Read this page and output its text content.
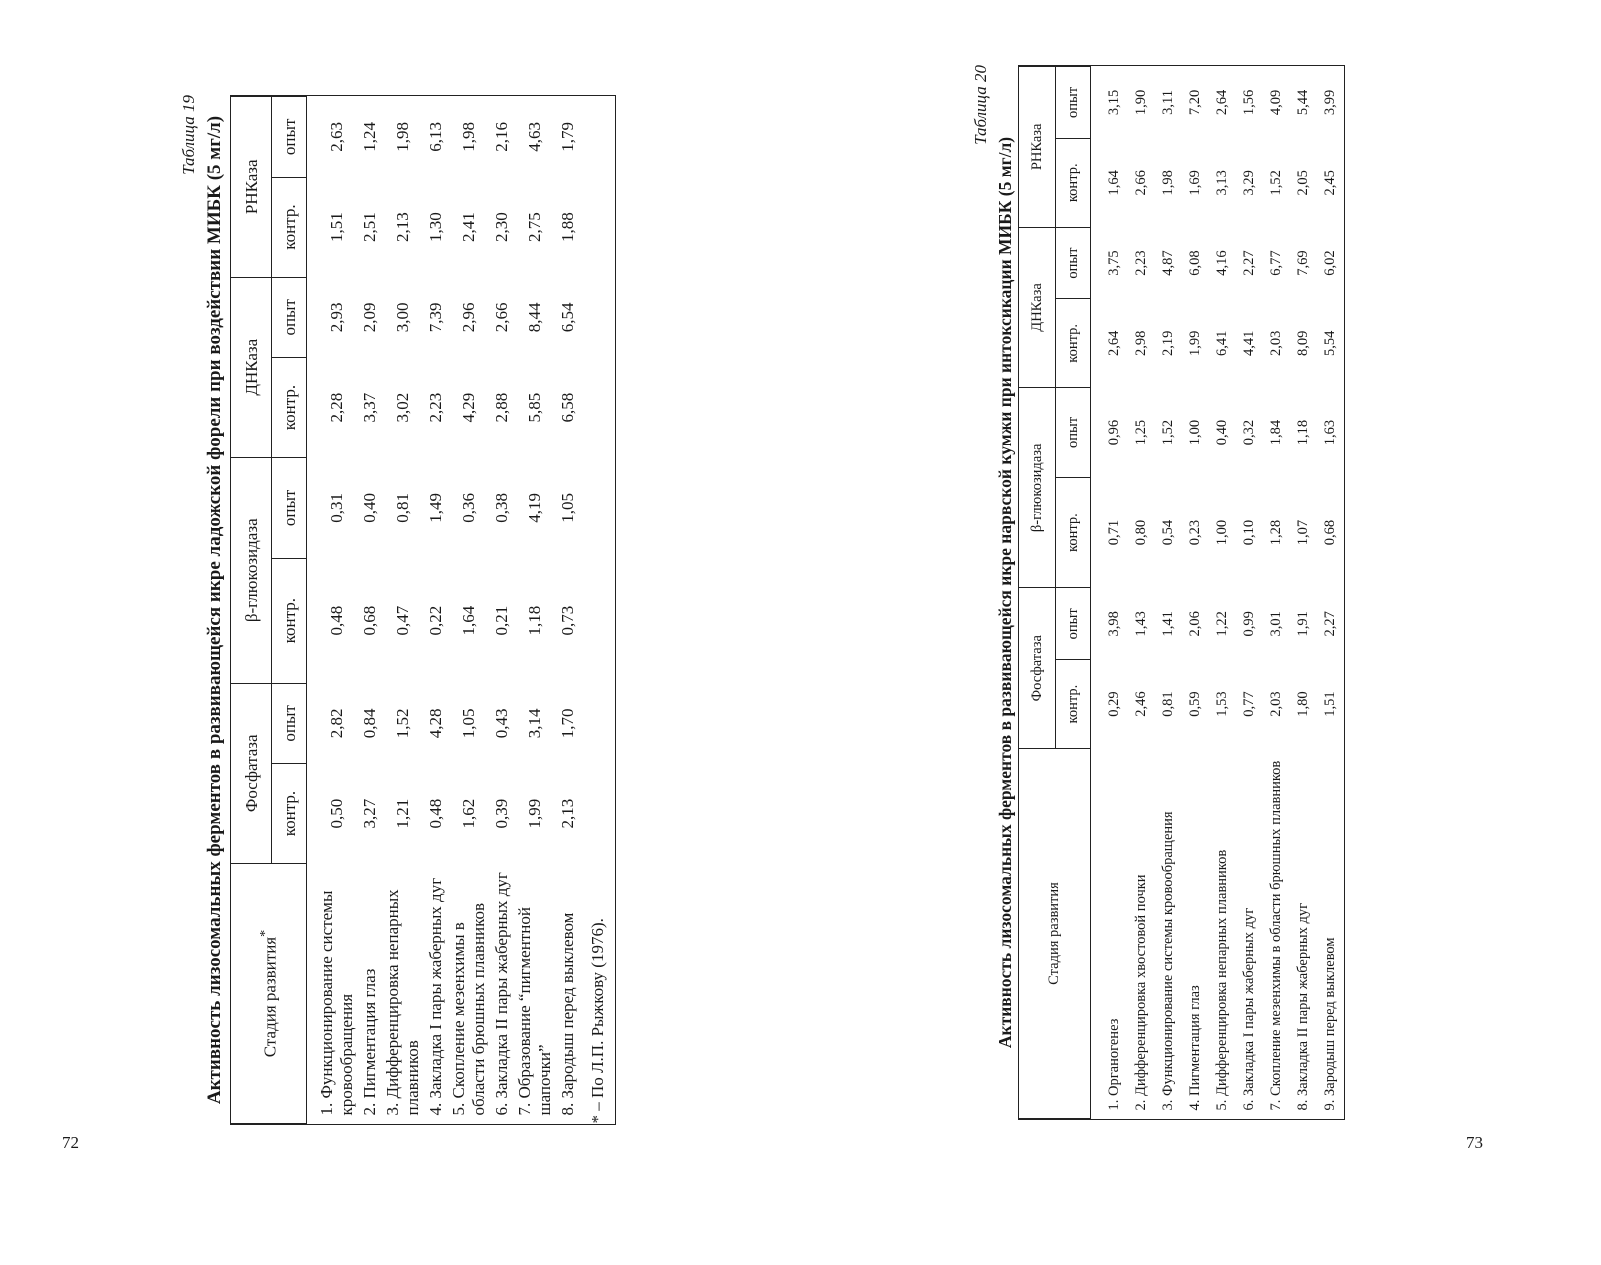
72
Таблица 19 Активность лизосомальных ферментов в развивающейся икре ладожской форели при воздействии МИБК (5 мг/л) Стадия развития*	Фосфатаза		β-глюкозидаза		ДНКаза		РНКаза	
	контр.	опыт	контр.	опыт	контр.	опыт	контр.	опыт
1. Функционирование системы кровообращения	0,50	2,82	0,48	0,31	2,28	2,93	1,51	2,63
2. Пигментация глаз	3,27	0,84	0,68	0,40	3,37	2,09	2,51	1,24
3. Дифференцировка непарных плавников	1,21	1,52	0,47	0,81	3,02	3,00	2,13	1,98
4. Закладка I пары жаберных дуг	0,48	4,28	0,22	1,49	2,23	7,39	1,30	6,13
5. Скопление мезенхимы в области брюшных плавников	1,62	1,05	1,64	0,36	4,29	2,96	2,41	1,98
6. Закладка II пары жаберных дуг	0,39	0,43	0,21	0,38	2,88	2,66	2,30	2,16
7. Образование “пигментной шапочки”	1,99	3,14	1,18	4,19	5,85	8,44	2,75	4,63
8. Зародыш перед выклевом	2,13	1,70	0,73	1,05	6,58	6,54	1,88	1,79
* – По Л.П. Рыжкову (1976).								
73
Таблица 20
Активность лизосомальных ферментов в развивающейся икре нарвской кумжи при интоксикации МИБК (5 мг/л) Стадия развития	Фосфатаза		β-глюкозидаза		ДНКаза		РНКаза	
	контр.	опыт	контр.	опыт	контр.	опыт	контр.	опыт
1. Органогенез	0,29	3,98	0,71	0,96	2,64	3,75	1,64	3,15
2. Дифференцировка хвостовой почки	2,46	1,43	0,80	1,25	2,98	2,23	2,66	1,90
3. Функционирование системы кровообращения	0,81	1,41	0,54	1,52	2,19	4,87	1,98	3,11
4. Пигментация глаз	0,59	2,06	0,23	1,00	1,99	6,08	1,69	7,20
5. Дифференцировка непарных плавников	1,53	1,22	1,00	0,40	6,41	4,16	3,13	2,64
6. Закладка I пары жаберных дуг	0,77	0,99	0,10	0,32	4,41	2,27	3,29	1,56
7. Скопление мезенхимы в области брюшных плавников	2,03	3,01	1,28	1,84	2,03	6,77	1,52	4,09
8. Закладка II пары жаберных дуг	1,80	1,91	1,07	1,18	8,09	7,69	2,05	5,44
9. Зародыш перед выклевом	1,51	2,27	0,68	1,63	5,54	6,02	2,45	3,99
